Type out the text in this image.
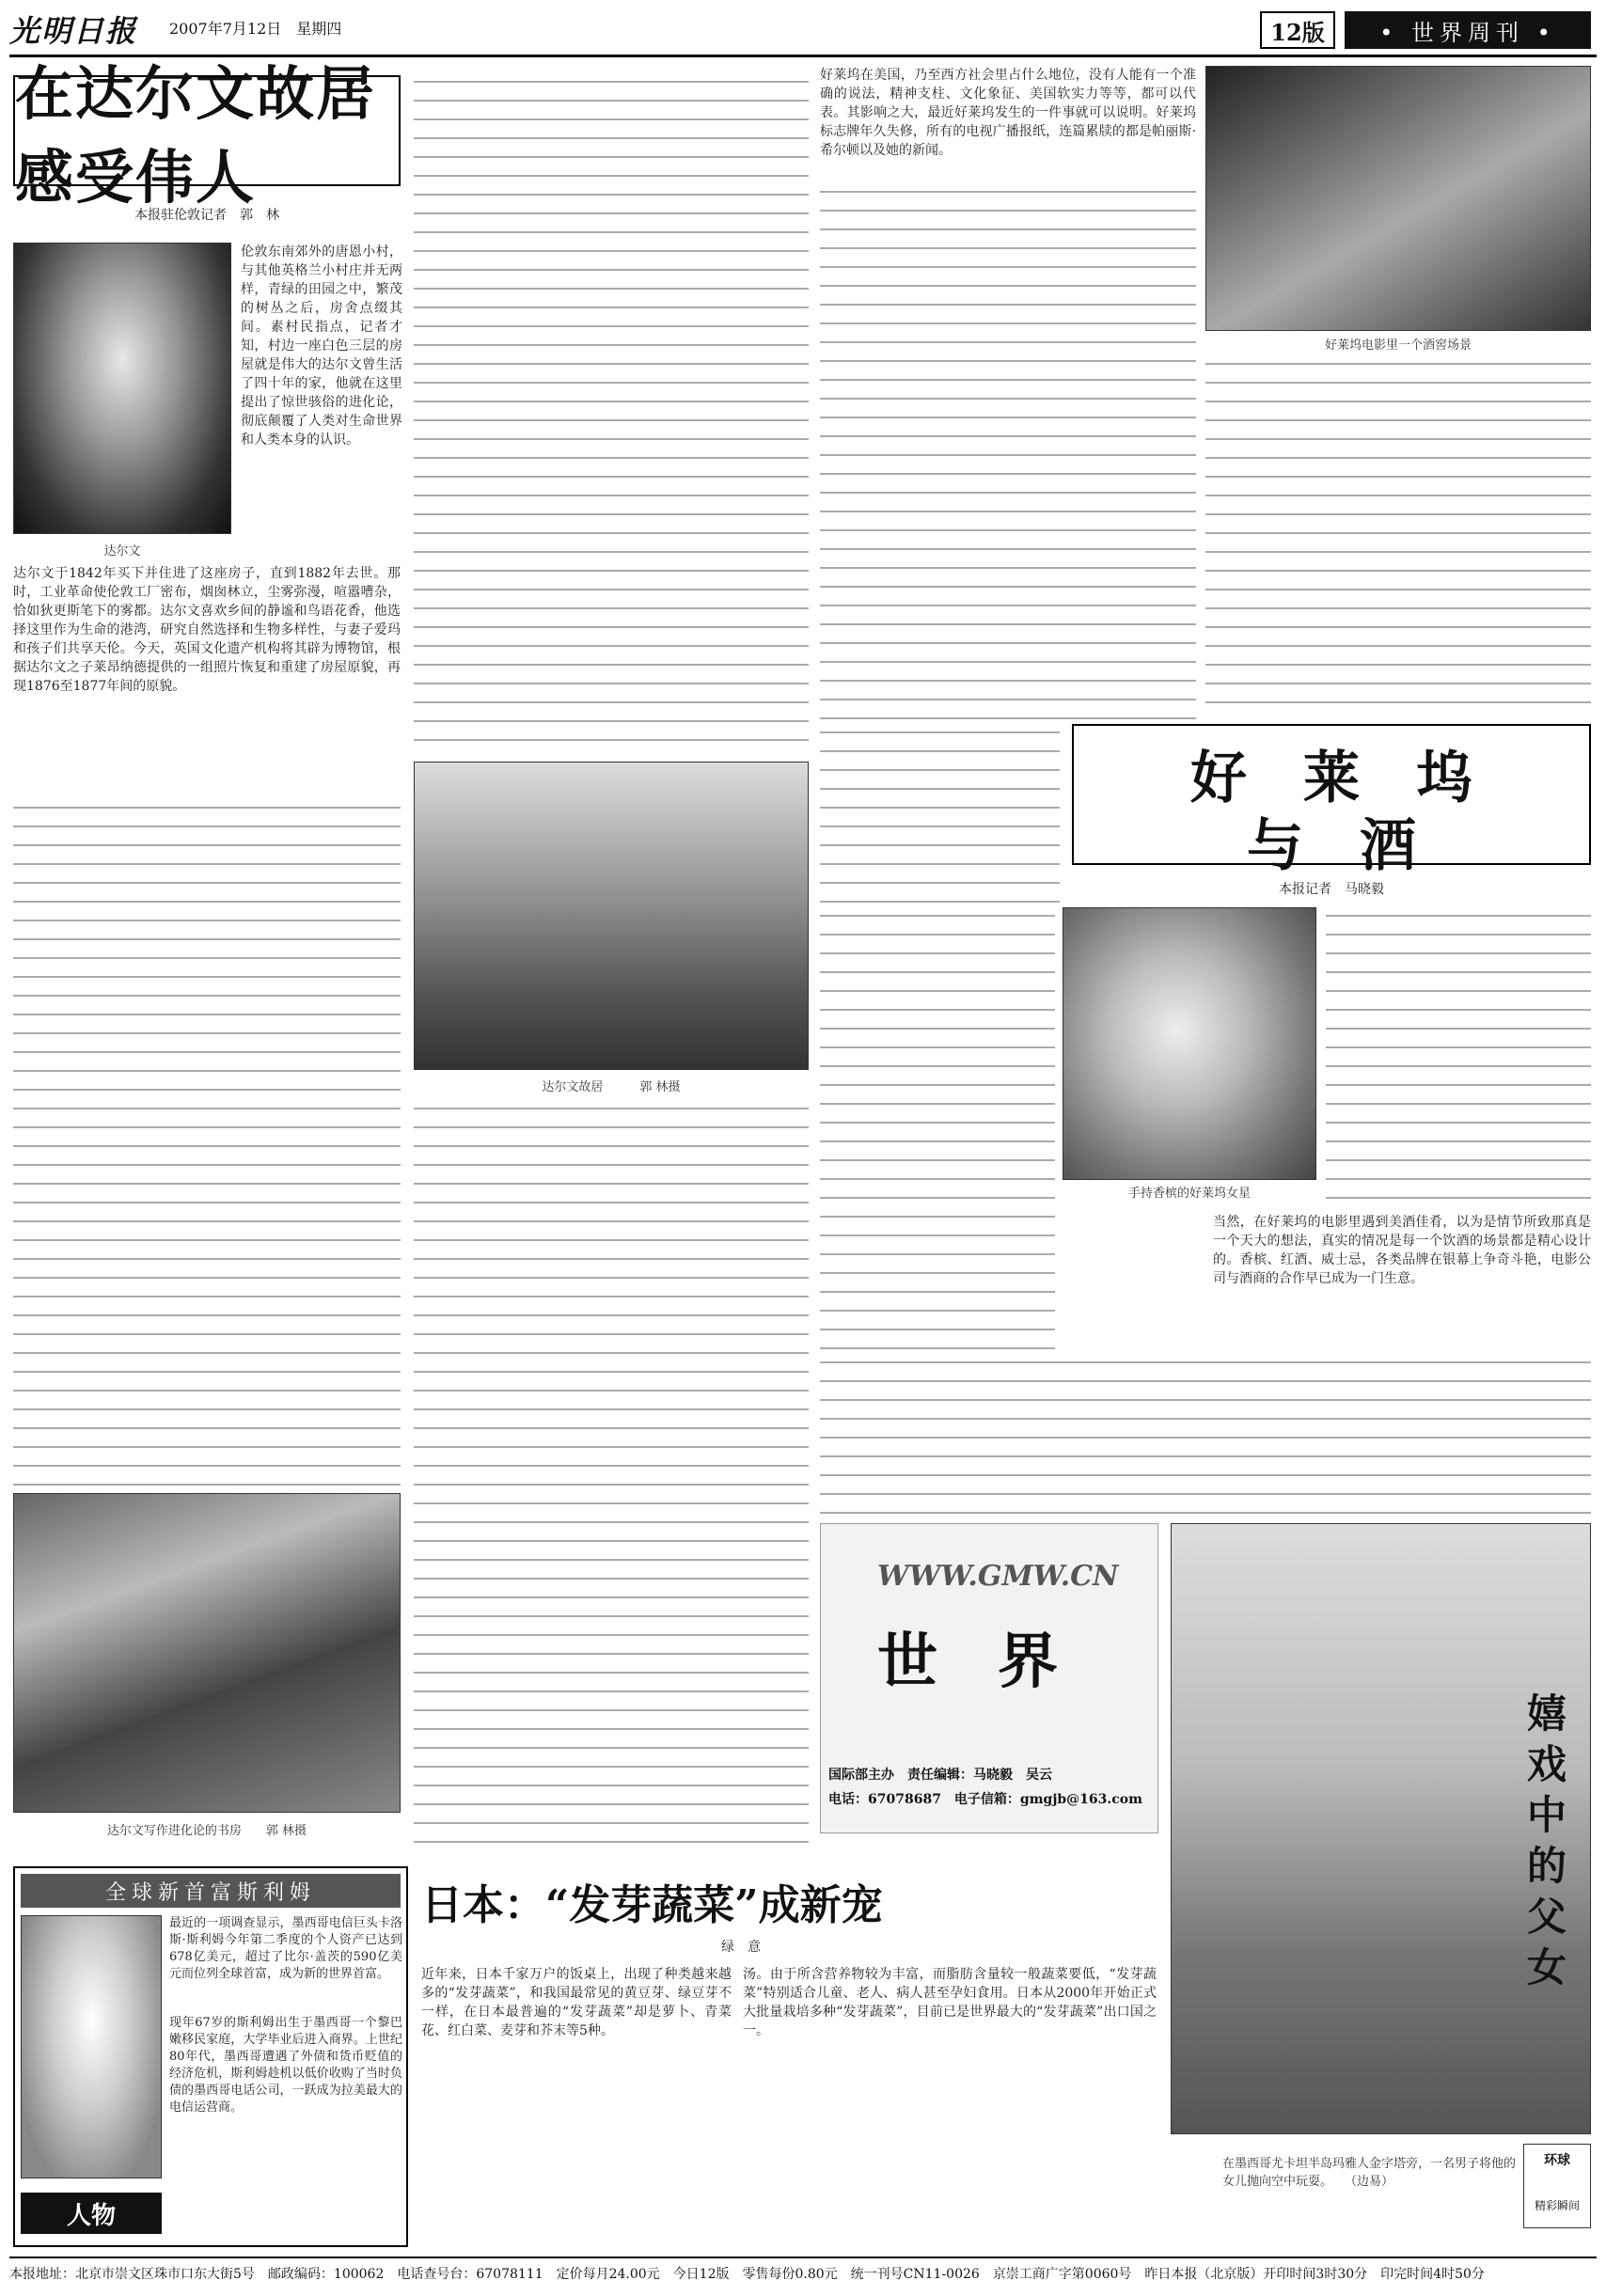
光明日报	2007年7月12日　星期四	12版 • 世界周刊 •
在达尔文故居感受伟人
本报驻伦敦记者　郭　林
达尔文
伦敦东南郊外的唐恩小村，与其他英格兰小村庄并无两样，青绿的田园之中，繁茂的树丛之后，房舍点缀其间。素村民指点，记者才知，村边一座白色三层的房屋就是伟大的达尔文曾生活了四十年的家，他就在这里提出了惊世骇俗的进化论，彻底颠覆了人类对生命世界和人类本身的认识。
达尔文于1842年买下并住进了这座房子，直到1882年去世。那时，工业革命使伦敦工厂密布，烟囱林立，尘雾弥漫，喧嚣嘈杂，恰如狄更斯笔下的雾都。达尔文喜欢乡间的静谧和鸟语花香，他选择这里作为生命的港湾，研究自然选择和生物多样性，与妻子爱玛和孩子们共享天伦。今天，英国文化遗产机构将其辟为博物馆，根据达尔文之子莱昂纳德提供的一组照片恢复和重建了房屋原貌，再现1876至1877年间的原貌。
达尔文写作进化论的书房　　郭 林摄
达尔文故居　　　郭 林摄
好莱坞在美国，乃至西方社会里占什么地位，没有人能有一个准确的说法，精神支柱、文化象征、美国软实力等等，都可以代表。其影响之大，最近好莱坞发生的一件事就可以说明。好莱坞标志牌年久失修，所有的电视广播报纸，连篇累牍的都是帕丽斯·希尔顿以及她的新闻。
好莱坞电影里一个酒窖场景
好　莱　坞
与　酒
本报记者　马晓毅
手持香槟的好莱坞女星
当然，在好莱坞的电影里遇到美酒佳肴，以为是情节所致那真是一个天大的想法，真实的情况是每一个饮酒的场景都是精心设计的。香槟、红酒、威士忌，各类品牌在银幕上争奇斗艳，电影公司与酒商的合作早已成为一门生意。
WWW.GMW.CN
世　界
国际部主办　责任编辑：马晓毅　吴云
电话：67078687　电子信箱：gmgjb@163.com	嬉戏中的父女
在墨西哥尤卡坦半岛玛雅人金字塔旁，一名男子将他的女儿抛向空中玩耍。　　（边易）
环球
精彩瞬间
全球新首富斯利姆
最近的一项调查显示，墨西哥电信巨头卡洛斯·斯利姆今年第二季度的个人资产已达到678亿美元，超过了比尔·盖茨的590亿美元而位列全球首富，成为新的世界首富。
现年67岁的斯利姆出生于墨西哥一个黎巴嫩移民家庭，大学毕业后进入商界。上世纪80年代，墨西哥遭遇了外债和货币贬值的经济危机，斯利姆趁机以低价收购了当时负债的墨西哥电话公司，一跃成为拉美最大的电信运营商。
人物
日本：“发芽蔬菜”成新宠
绿　意
近年来，日本千家万户的饭桌上，出现了种类越来越多的“发芽蔬菜”，和我国最常见的黄豆芽、绿豆芽不一样，在日本最普遍的“发芽蔬菜”却是萝卜、青菜花、红白菜、麦芽和芥末等5种。
汤。由于所含营养物较为丰富，而脂肪含量较一般蔬菜要低，“发芽蔬菜”特别适合儿童、老人、病人甚至孕妇食用。日本从2000年开始正式大批量栽培多种“发芽蔬菜”，目前已是世界最大的“发芽蔬菜”出口国之一。
本报地址：北京市崇文区珠市口东大街5号　邮政编码：100062　电话查号台：67078111　定价每月24.00元　今日12版　零售每份0.80元　统一刊号CN11-0026　京崇工商广字第0060号　昨日本报（北京版）开印时间3时30分　印完时间4时50分
